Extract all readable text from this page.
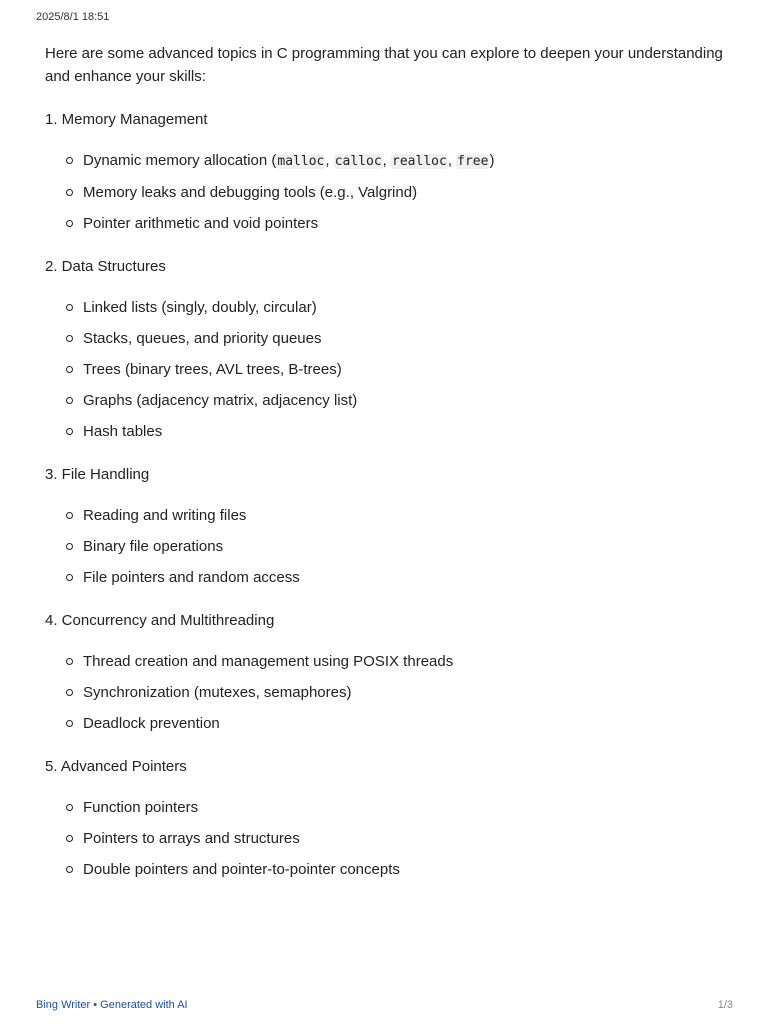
2025/8/1 18:51

Here are some advanced topics in C programming that you can explore to deepen your understanding and enhance your skills:

1. Memory Management
Dynamic memory allocation (malloc, calloc, realloc, free)
Memory leaks and debugging tools (e.g., Valgrind)
Pointer arithmetic and void pointers
2. Data Structures
Linked lists (singly, doubly, circular)
Stacks, queues, and priority queues
Trees (binary trees, AVL trees, B-trees)
Graphs (adjacency matrix, adjacency list)
Hash tables
3. File Handling
Reading and writing files
Binary file operations
File pointers and random access
4. Concurrency and Multithreading
Thread creation and management using POSIX threads
Synchronization (mutexes, semaphores)
Deadlock prevention
5. Advanced Pointers
Function pointers
Pointers to arrays and structures
Double pointers and pointer-to-pointer concepts
Bing Writer • Generated with AI	1/3
